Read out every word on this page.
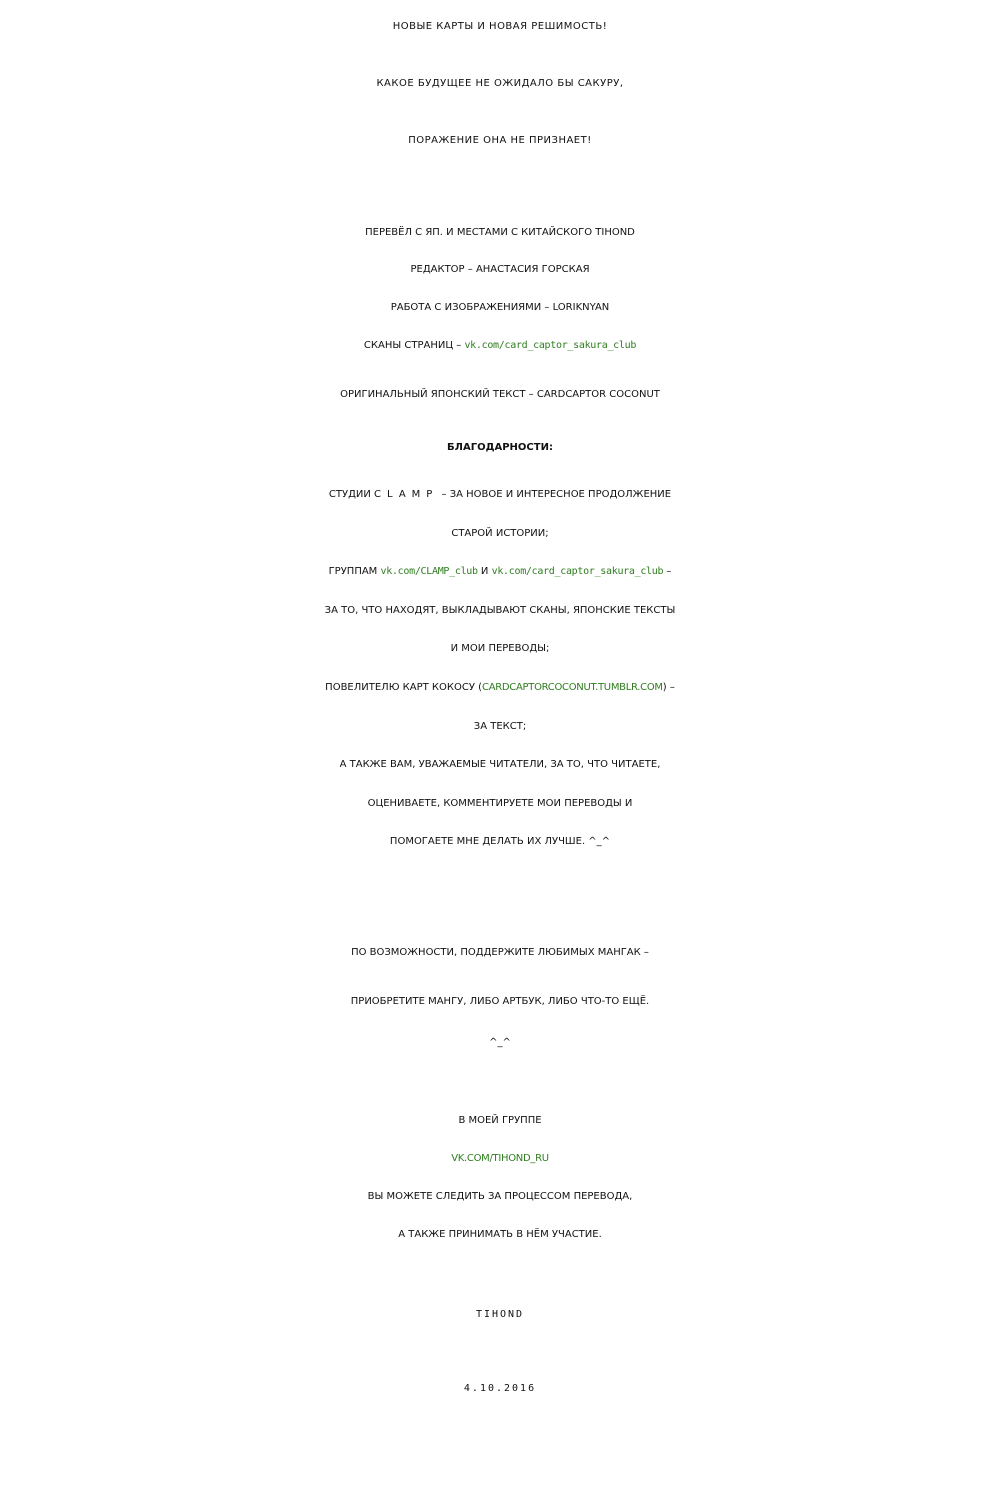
НОВЫЕ КАРТЫ И НОВАЯ РЕШИМОСТЬ!

КАКОЕ БУДУЩЕЕ НЕ ОЖИДАЛО БЫ САКУРУ,

ПОРАЖЕНИЕ ОНА НЕ ПРИЗНАЕТ!

ПЕРЕВЁЛ С ЯП. И МЕСТАМИ С КИТАЙСКОГО TIHOND

РЕДАКТОР – АНАСТАСИЯ ГОРСКАЯ

РАБОТА С ИЗОБРАЖЕНИЯМИ – LORIKNYAN

СКАНЫ СТРАНИЦ – vk.com/card_captor_sakura_club

ОРИГИНАЛЬНЫЙ ЯПОНСКИЙ ТЕКСТ – CARDCAPTOR COCONUT

БЛАГОДАРНОСТИ:

СТУДИИ CLAMP – ЗА НОВОЕ И ИНТЕРЕСНОЕ ПРОДОЛЖЕНИЕ

СТАРОЙ ИСТОРИИ;

ГРУППАМ vk.com/CLAMP_club И vk.com/card_captor_sakura_club –

ЗА ТО, ЧТО НАХОДЯТ, ВЫКЛАДЫВАЮТ СКАНЫ, ЯПОНСКИЕ ТЕКСТЫ

И МОИ ПЕРЕВОДЫ;

ПОВЕЛИТЕЛЮ КАРТ КОКОСУ (CARDCAPTORCOCONUT.TUMBLR.COM) –

ЗА ТЕКСТ;

А ТАКЖЕ ВАМ, УВАЖАЕМЫЕ ЧИТАТЕЛИ, ЗА ТО, ЧТО ЧИТАЕТЕ,

ОЦЕНИВАЕТЕ, КОММЕНТИРУЕТЕ МОИ ПЕРЕВОДЫ И

ПОМОГАЕТЕ МНЕ ДЕЛАТЬ ИХ ЛУЧШЕ. ^_^

ПО ВОЗМОЖНОСТИ, ПОДДЕРЖИТЕ ЛЮБИМЫХ МАНГАК –

ПРИОБРЕТИТЕ МАНГУ, ЛИБО АРТБУК, ЛИБО ЧТО-ТО ЕЩЁ.

^_^

В МОЕЙ ГРУППЕ

VK.COM/TIHOND_RU

ВЫ МОЖЕТЕ СЛЕДИТЬ ЗА ПРОЦЕССОМ ПЕРЕВОДА,

А ТАКЖЕ ПРИНИМАТЬ В НЁМ УЧАСТИЕ.

TIHOND

4.10.2016
